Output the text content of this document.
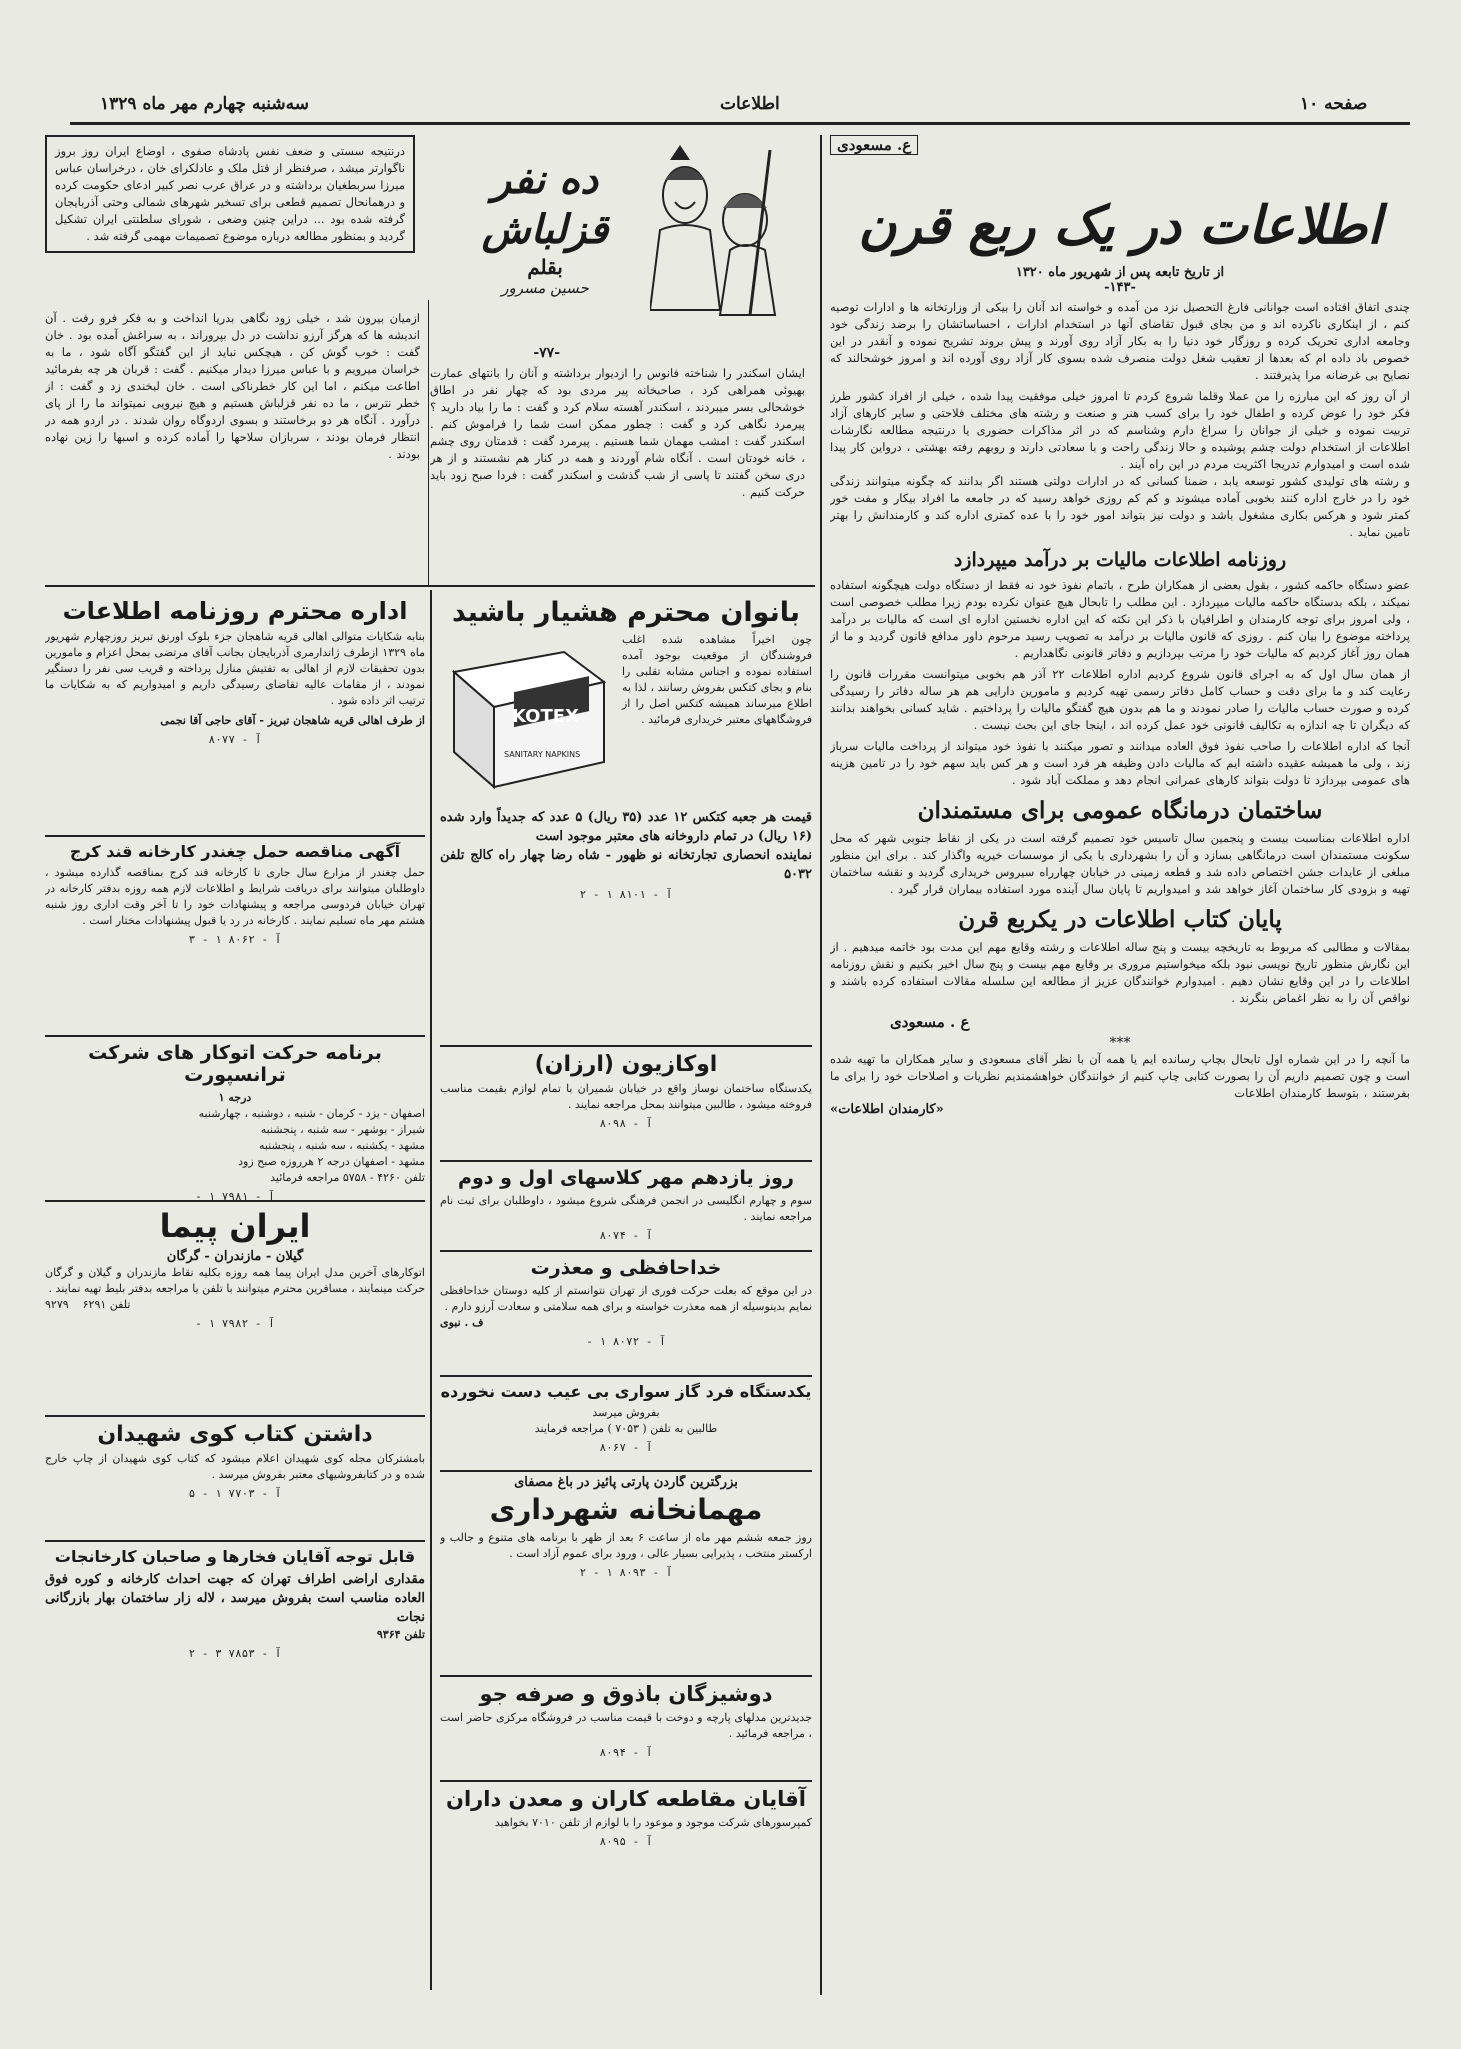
سه‌شنبه چهارم مهر ماه ۱۳۲۹	اطلاعات	صفحه ۱۰
ع. مسعودی
اطلاعات در یک ربع قرن
از تاریخ تابعه پس از شهریور ماه ۱۳۲۰
-۱۴۳-
چندی اتفاق افتاده است جوانانی فارغ التحصیل نزد من آمده و خواسته اند آنان را بیکی از وزارتخانه ها و ادارات توصیه کنم ، از اینکاری ناکرده اند و من بجای قبول تقاضای آنها در استخدام ادارات ، احساساتشان را برضد زندگی خود وجامعه اداری تحریک کرده و روزگار خود دنیا را به بکار آزاد روی آورند و پیش بروند تشریح نموده و آنقدر در این خصوص باد داده ام که بعدها از تعقیب شغل دولت منصرف شده بسوی کار آزاد روی آورده اند و امروز خوشحالند که نصایح بی غرضانه مرا پذیرفتند .
از آن روز که این مبارزه را من عملا وقلما شروع کردم تا امروز خیلی موفقیت پیدا شده ، خیلی از افراد کشور طرز فکر خود را عوض کرده و اطفال خود را برای کسب هنر و صنعت و رشته های مختلف فلاحتی و سایر کارهای آزاد تربیت نموده و خیلی از جوانان را سراغ دارم وشناسم که در اثر مذاکرات حضوری یا درنتیجه مطالعه نگارشات اطلاعات از استخدام دولت چشم پوشیده و حالا زندگی راحت و با سعادتی دارند و روبهم رفته بهشتی ، درواین کار پیدا شده است و امیدوارم تدریجا اکثریت مردم در این راه آیند .
و رشته های تولیدی کشور توسعه یابد ، ضمنا کسانی که در ادارات دولتی هستند اگر بدانند که چگونه میتوانند زندگی خود را در خارج اداره کنند بخوبی آماده میشوند و کم کم روزی خواهد رسید که در جامعه ما افراد بیکار و مفت خور کمتر شود و هرکس بکاری مشغول باشد و دولت نیز بتواند امور خود را با عده کمتری اداره کند و کارمندانش را بهتر تامین نماید .
روزنامه اطلاعات مالیات بر درآمد میپردازد
عضو دستگاه حاکمه کشور ، بقول بعضی از همکاران طرح ، باتمام نفوذ خود نه فقط از دستگاه دولت هیچگونه استفاده نمیکند ، بلکه بدستگاه حاکمه مالیات میپردازد . این مطلب را تابحال هیچ عنوان نکرده بودم زیرا مطلب خصوصی است ، ولی امروز برای توجه کارمندان و اطرافیان با ذکر این نکته که این اداره نخستین اداره ای است که مالیات بر درآمد پرداخته موضوع را بیان کنم . روزی که قانون مالیات بر درآمد به تصویب رسید مرحوم داور مدافع قانون گردید و ما از همان روز آغاز کردیم که مالیات خود را مرتب بپردازیم و دفاتر قانونی نگاهداریم .
از همان سال اول که به اجرای قانون شروع کردیم اداره اطلاعات ۲۲ آذر هم بخوبی میتوانست مقررات قانون را رعایت کند و ما برای دقت و حساب کامل دفاتر رسمی تهیه کردیم و مامورین دارایی هم هر ساله دفاتر را رسیدگی کرده و صورت حساب مالیات را صادر نمودند و ما هم بدون هیچ گفتگو مالیات را پرداختیم . شاید کسانی بخواهند بدانند که دیگران تا چه اندازه به تکالیف قانونی خود عمل کرده اند ، اینجا جای این بحث نیست .
آنجا که اداره اطلاعات را صاحب نفوذ فوق العاده میدانند و تصور میکنند با نفوذ خود میتواند از پرداخت مالیات سرباز زند ، ولی ما همیشه عقیده داشته ایم که مالیات دادن وظیفه هر فرد است و هر کس باید سهم خود را در تامین هزینه های عمومی بپردازد تا دولت بتواند کارهای عمرانی انجام دهد و مملکت آباد شود .
ساختمان درمانگاه عمومی برای مستمندان
اداره اطلاعات بمناسبت بیست و پنجمین سال تاسیس خود تصمیم گرفته است در یکی از نقاط جنوبی شهر که محل سکونت مستمندان است درمانگاهی بسازد و آن را بشهرداری یا یکی از موسسات خیریه واگذار کند . برای این منظور مبلغی از عایدات جشن اختصاص داده شد و قطعه زمینی در خیابان چهارراه سیروس خریداری گردید و نقشه ساختمان تهیه و بزودی کار ساختمان آغاز خواهد شد و امیدواریم تا پایان سال آینده مورد استفاده بیماران قرار گیرد .
پایان کتاب اطلاعات در یکربع قرن
بمقالات و مطالبی که مربوط به تاریخچه بیست و پنج ساله اطلاعات و رشته وقایع مهم این مدت بود خاتمه میدهیم . از این نگارش منظور تاریخ نویسی نبود بلکه میخواستیم مروری بر وقایع مهم بیست و پنج سال اخیر بکنیم و نقش روزنامه اطلاعات را در این وقایع نشان دهیم . امیدوارم خوانندگان عزیز از مطالعه این سلسله مقالات استفاده کرده باشند و نواقص آن را به نظر اغماض بنگرند .
ع . مسعودی
***
ما آنچه را در این شماره اول تابحال بچاپ رسانده ایم یا همه آن با نظر آقای مسعودی و سایر همکاران ما تهیه شده است و چون تصمیم داریم آن را بصورت کتابی چاپ کنیم از خوانندگان خواهشمندیم نظریات و اصلاحات خود را برای ما بفرستند ، بتوسط کارمندان اطلاعات
«کارمندان اطلاعات»
ده نفر قزلباش
بقلم
حسین مسرور
درنتیجه سستی و ضعف نفس پادشاه صفوی ، اوضاع ایران روز بروز ناگوارتر میشد ، صرفنظر از قتل ملک و عادلکرای خان ، درخراسان عباس میرزا سربطغیان برداشته و در عراق عرب نصر کبیر ادعای حکومت کرده و درهمانحال تصمیم قطعی برای تسخیر شهرهای شمالی وحتی آذربایجان گرفته شده بود ... دراین چنین وضعی ، شورای سلطنتی ایران تشکیل گردید و بمنظور مطالعه درباره موضوع تصمیمات مهمی گرفته شد .
-۷۷-
ایشان اسکندر را شناخته فانوس را ازدیوار برداشته و آنان را بانتهای عمارت بهیوئی همراهی کرد ، صاحبخانه پیر مردی بود که چهار نفر در اطاق خوشحالی بسر میبردند ، اسکندر آهسته سلام کرد و گفت : ما را بیاد دارید ؟ پیرمرد نگاهی کرد و گفت : چطور ممکن است شما را فراموش کنم . اسکندر گفت : امشب مهمان شما هستیم . پیرمرد گفت : قدمتان روی چشم ، خانه خودتان است . آنگاه شام آوردند و همه در کنار هم نشستند و از هر دری سخن گفتند تا پاسی از شب گذشت و اسکندر گفت : فردا صبح زود باید حرکت کنیم .
ازمیان بیرون شد ، خیلی زود نگاهی بدریا انداخت و به فکر فرو رفت . آن اندیشه ها که هرگز آرزو نداشت در دل بپروراند ، به سراغش آمده بود . خان گفت : خوب گوش کن ، هیچکس نباید از این گفتگو آگاه شود ، ما به خراسان میرویم و با عباس میرزا دیدار میکنیم . گفت : قربان هر چه بفرمائید اطاعت میکنم ، اما این کار خطرناکی است . خان لبخندی زد و گفت : از خطر نترس ، ما ده نفر قزلباش هستیم و هیچ نیرویی نمیتواند ما را از پای درآورد . آنگاه هر دو برخاستند و بسوی اردوگاه روان شدند . در اردو همه در انتظار فرمان بودند ، سربازان سلاحها را آماده کرده و اسبها را زین نهاده بودند .
بانوان محترم هشیار باشید

چون اخیراً مشاهده شده اغلب فروشندگان از موقعیت بوجود آمده استفاده نموده و اجناس مشابه تقلبی را بنام و بجای کتکس بفروش رسانند ، لذا به اطلاع میرساند همیشه کتکس اصل را از فروشگاههای معتبر خریداری فرمائید .

KOTEX
SANITARY NAPKINS

قیمت هر جعبه کتکس ۱۲ عدد (۳۵ ریال) ۵ عدد که جدیداً وارد شده (۱۶ ریال) در تمام داروخانه های معتبر موجود است

نماینده انحصاری تجارتخانه نو ظهور - شاه رضا چهار راه کالج تلفن ۵۰۳۲

آ - ۸۱۰۱ ۱ - ۲
اوکازیون (ارزان)

یکدستگاه ساختمان نوساز واقع در خیابان شمیران با تمام لوازم بقیمت مناسب فروخته میشود ، طالبین میتوانند بمحل مراجعه نمایند .

آ - ۸۰۹۸
روز یازدهم مهر کلاسهای اول و دوم

سوم و چهارم انگلیسی در انجمن فرهنگی شروع میشود ، داوطلبان برای ثبت نام مراجعه نمایند .

آ - ۸۰۷۴
خداحافظی و معذرت

در این موقع که بعلت حرکت فوری از تهران نتوانستم از کلیه دوستان خداحافظی نمایم بدینوسیله از همه معذرت خواسته و برای همه سلامتی و سعادت آرزو دارم .

ف . نبوی

آ - ۸۰۷۲ ۱ -
یکدستگاه فرد گاز سواری بی عیب دست نخورده

بفروش میرسد

طالبین به تلفن ( ۷۰۵۳ ) مراجعه فرمایند

آ - ۸۰۶۷

بزرگترین گاردن پارتی پائیز در باغ مصفای

مهمانخانه شهرداری

روز جمعه ششم مهر ماه از ساعت ۶ بعد از ظهر با برنامه های متنوع و جالب و ارکستر منتخب ، پذیرایی بسیار عالی ، ورود برای عموم آزاد است .

آ - ۸۰۹۳ ۱ - ۲
دوشیزگان باذوق و صرفه جو

جدیدترین مدلهای پارچه و دوخت با قیمت مناسب در فروشگاه مرکزی حاضر است ، مراجعه فرمائید .

آ - ۸۰۹۴
آقایان مقاطعه کاران و معدن داران

کمپرسورهای شرکت موجود و موعود را با لوازم از تلفن ۷۰۱۰ بخواهید

آ - ۸۰۹۵
اداره محترم روزنامه اطلاعات

بنابه شکایات متوالی اهالی قریه شاهجان جزء بلوک اورنق تبریز روزچهارم شهریور ماه ۱۳۲۹ ازطرف ژاندارمری آذربایجان بجانب آقای مرتضی بمحل اعزام و مامورین بدون تحقیقات لازم از اهالی به تفتیش منازل پرداخته و قریب سی نفر را دستگیر نمودند ، از مقامات عالیه تقاضای رسیدگی داریم و امیدواریم که به شکایات ما ترتیب اثر داده شود .

از طرف اهالی قریه شاهجان تبریز - آقای حاجی آقا نجمی

آ - ۸۰۷۷
آگهی مناقصه حمل چغندر کارخانه قند کرج

حمل چغندر از مزارع سال جاری تا کارخانه قند کرج بمناقصه گذارده میشود ، داوطلبان میتوانند برای دریافت شرایط و اطلاعات لازم همه روزه بدفتر کارخانه در تهران خیابان فردوسی مراجعه و پیشنهادات خود را تا آخر وقت اداری روز شنبه هشتم مهر ماه تسلیم نمایند . کارخانه در رد یا قبول پیشنهادات مختار است .

آ - ۸۰۶۲ ۱ - ۳
برنامه حرکت اتوکار های شرکت ترانسپورت

درجه ۱

اصفهان - یزد - کرمان - شنبه ، دوشنبه ، چهارشنبه

شیراز - بوشهر - سه شنبه ، پنجشنبه

مشهد - یکشنبه ، سه شنبه ، پنجشنبه

مشهد - اصفهان درجه ۲ هرروزه صبح زود

تلفن ۴۲۶۰ - ۵۷۵۸ مراجعه فرمائید

آ - ۷۹۸۱ ۱ -
ایران پیما

گیلان - مازندران - گرگان

اتوکارهای آخرین مدل ایران پیما همه روزه بکلیه نقاط مازندران و گیلان و گرگان حرکت مینمایند ، مسافرین محترم میتوانند با تلفن یا مراجعه بدفتر بلیط تهیه نمایند .

تلفن ۶۲۹۱    ۹۲۷۹

آ - ۷۹۸۲ ۱ -
داشتن کتاب کوی شهیدان

بامشترکان مجله کوی شهیدان اعلام میشود که کتاب کوی شهیدان از چاپ خارج شده و در کتابفروشیهای معتبر بفروش میرسد .

آ - ۷۷۰۳ ۱ - ۵
قابل توجه آقایان فخارها و صاحبان کارخانجات

مقداری اراضی اطراف تهران که جهت احداث کارخانه و کوره فوق العاده مناسب است بفروش میرسد ، لاله زار ساختمان بهار بازرگانی نجات

تلفن ۹۳۶۴

آ - ۷۸۵۳ ۳ - ۲
